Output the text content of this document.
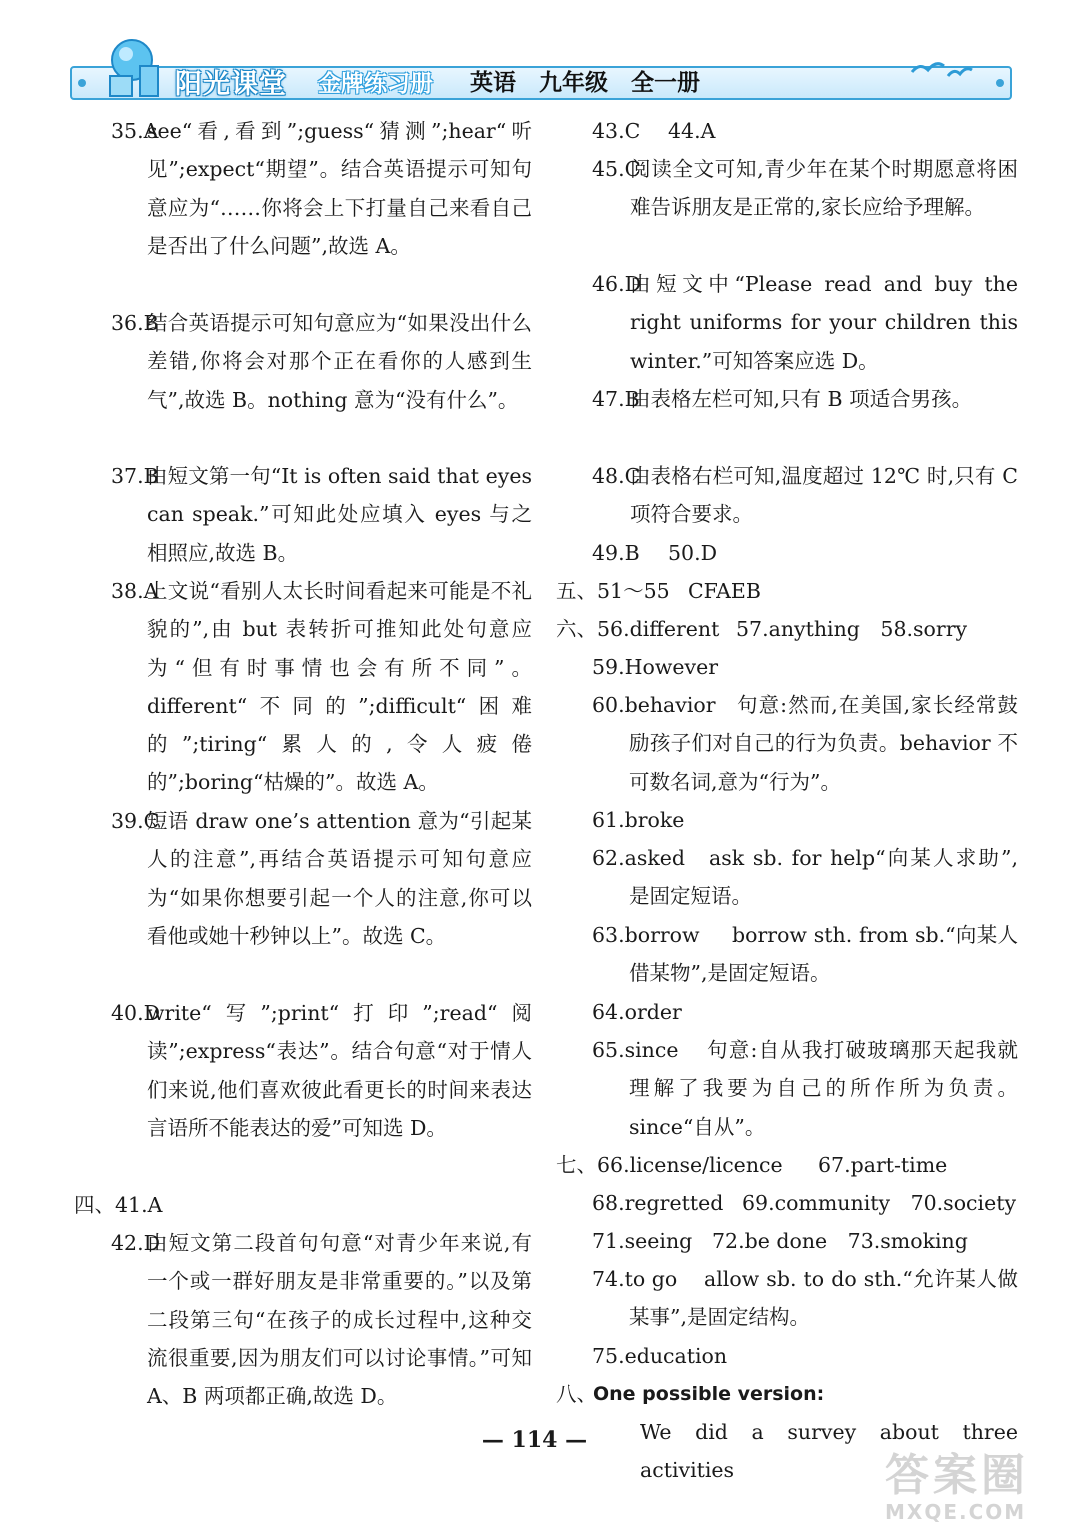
阳光课堂 金牌练习册 英语　九年级　全一册
35.A
see“看,看到”;guess“猜测”;hear“听见”;expect“期望”。结合英语提示可知句意应为“……你将会上下打量自己来看自己是否出了什么问题”,故选 A。
36.B
结合英语提示可知句意应为“如果没出什么差错,你将会对那个正在看你的人感到生气”,故选 B。nothing 意为“没有什么”。
37.B
由短文第一句“It is often said that eyes can speak.”可知此处应填入 eyes 与之相照应,故选 B。
38.A
上文说“看别人太长时间看起来可能是不礼貌的”,由 but 表转折可推知此处句意应为“但有时事情也会有所不同”。different“不同的”;difficult“困难的”;tiring“累人的,令人疲倦的”;boring“枯燥的”。故选 A。
39.C
短语 draw one’s attention 意为“引起某人的注意”,再结合英语提示可知句意应为“如果你想要引起一个人的注意,你可以看他或她十秒钟以上”。故选 C。
40.D
write“写”;print“打印”;read“阅读”;express“表达”。结合句意“对于情人们来说,他们喜欢彼此看更长的时间来表达言语所不能表达的爱”可知选 D。
四、41.A
42.D
由短文第二段首句句意“对青少年来说,有一个或一群好朋友是非常重要的。”以及第二段第三句“在孩子的成长过程中,这种交流很重要,因为朋友们可以讨论事情。”可知 A、B 两项都正确,故选 D。
43.C	44.A
45.C
阅读全文可知,青少年在某个时期愿意将困难告诉朋友是正常的,家长应给予理解。
46.D
由短文中“Please read and buy the right uniforms for your children this winter.”可知答案应选 D。
47.B
由表格左栏可知,只有 B 项适合男孩。
48.C
由表格右栏可知,温度超过 12℃ 时,只有 C 项符合要求。
49.B	50.D
五、51～55 CFAEB
六、56.different 57.anything　58.sorry
59.However
60.behavior	句意:然而,在美国,家长经常鼓励孩子们对自己的行为负责。behavior 不可数名词,意为“行为”。
61.broke
62.asked	ask sb. for help“向某人求助”,是固定短语。
63.borrow	borrow sth. from sb.“向某人借某物”,是固定短语。
64.order
65.since	句意:自从我打破玻璃那天起我就理解了我要为自己的所作所为负责。since“自从”。
七、66.license/licence	67.part-time
68.regretted 69.community　70.society
71.seeing 72.be done　73.smoking
74.to go	allow sb. to do sth.“允许某人做某事”,是固定结构。
75.education
八、
One possible version:
We did a survey about three activities
— 114 —
答案圈
MXQE.COM
